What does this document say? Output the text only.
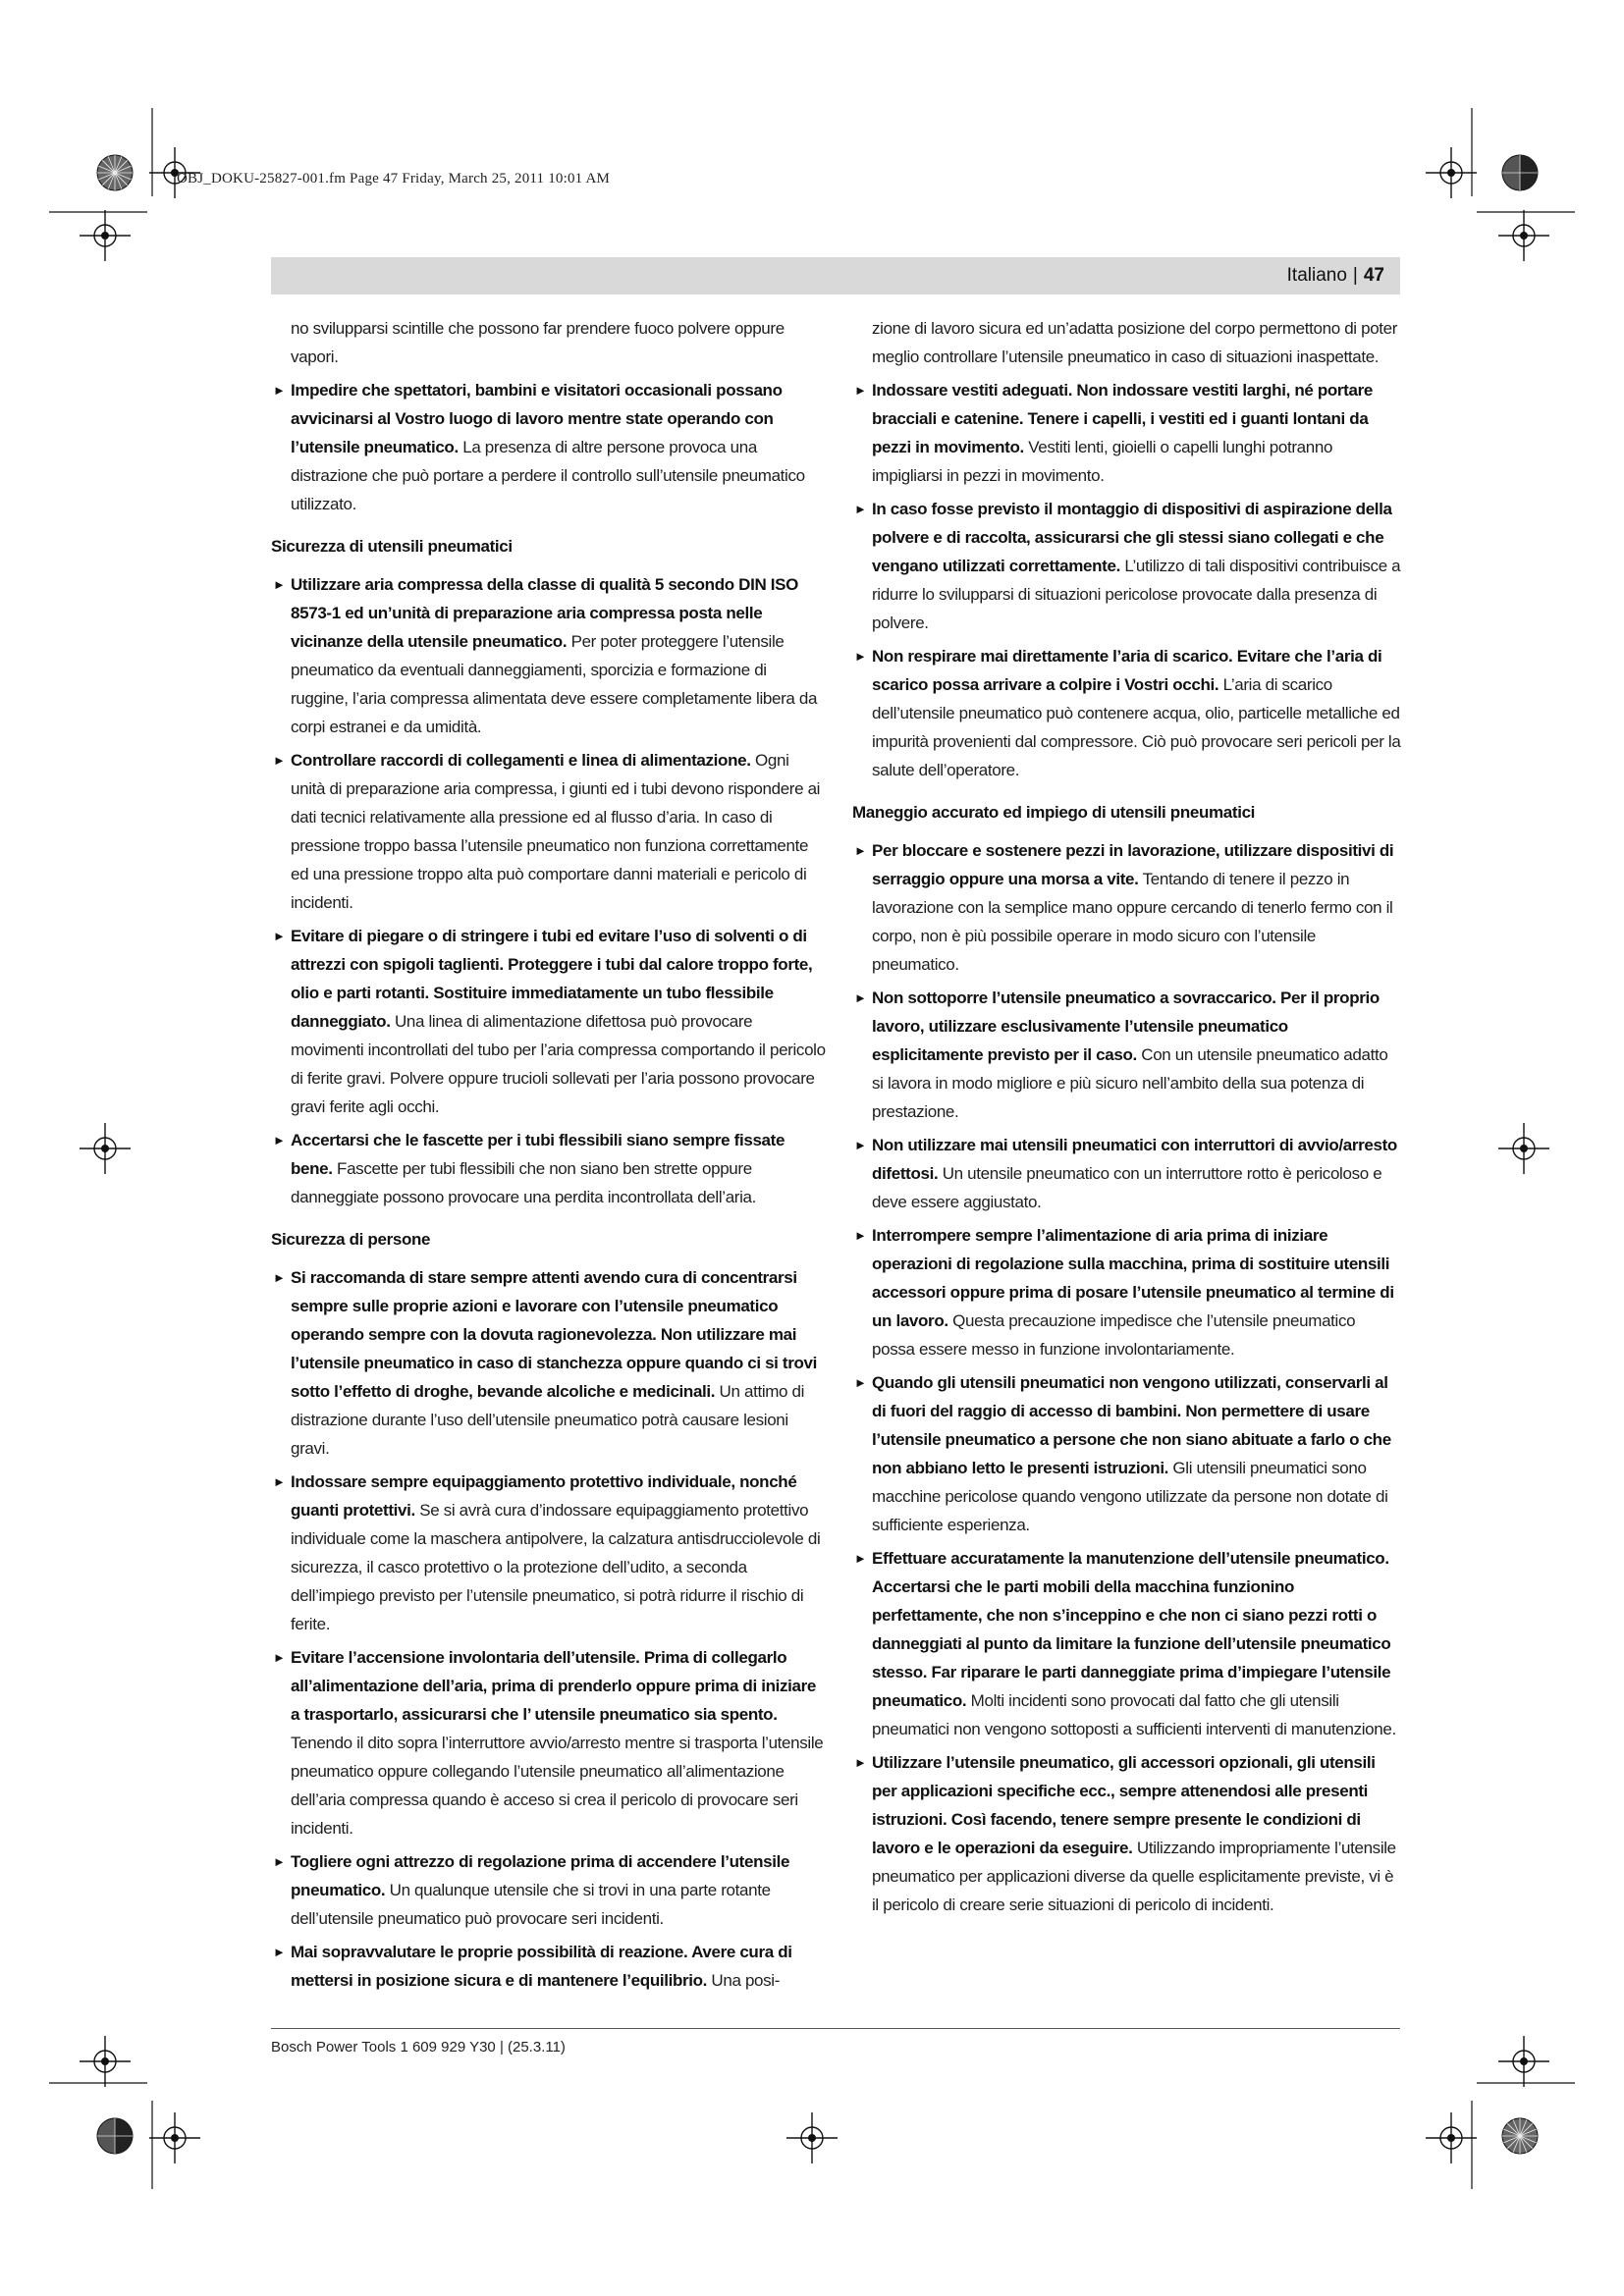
OBJ_DOKU-25827-001.fm Page 47 Friday, March 25, 2011 10:01 AM
Italiano | 47

no svilupparsi scintille che possono far prendere fuoco polvere oppure vapori.

► Impedire che spettatori, bambini e visitatori occasionali possano avvicinarsi al Vostro luogo di lavoro mentre state operando con l’utensile pneumatico. La presenza di altre persone provoca una distrazione che può portare a perdere il controllo sull’utensile pneumatico utilizzato.

Sicurezza di utensili pneumatici

► Utilizzare aria compressa della classe di qualità 5 secondo DIN ISO 8573-1 ed un’unità di preparazione aria compressa posta nelle vicinanze della utensile pneumatico. Per poter proteggere l’utensile pneumatico da eventuali danneggiamenti, sporcizia e formazione di ruggine, l’aria compressa alimentata deve essere completamente libera da corpi estranei e da umidità.

► Controllare raccordi di collegamenti e linea di alimentazione. Ogni unità di preparazione aria compressa, i giunti ed i tubi devono rispondere ai dati tecnici relativamente alla pressione ed al flusso d’aria. In caso di pressione troppo bassa l’utensile pneumatico non funziona correttamente ed una pressione troppo alta può comportare danni materiali e pericolo di incidenti.

► Evitare di piegare o di stringere i tubi ed evitare l’uso di solventi o di attrezzi con spigoli taglienti. Proteggere i tubi dal calore troppo forte, olio e parti rotanti. Sostituire immediatamente un tubo flessibile danneggiato. Una linea di alimentazione difettosa può provocare movimenti incontrollati del tubo per l’aria compressa comportando il pericolo di ferite gravi. Polvere oppure trucioli sollevati per l’aria possono provocare gravi ferite agli occhi.

► Accertarsi che le fascette per i tubi flessibili siano sempre fissate bene. Fascette per tubi flessibili che non siano ben strette oppure danneggiate possono provocare una perdita incontrollata dell’aria.

Sicurezza di persone

► Si raccomanda di stare sempre attenti avendo cura di concentrarsi sempre sulle proprie azioni e lavorare con l’utensile pneumatico operando sempre con la dovuta ragionevolezza. Non utilizzare mai l’utensile pneumatico in caso di stanchezza oppure quando ci si trovi sotto l’effetto di droghe, bevande alcoliche e medicinali. Un attimo di distrazione durante l’uso dell’utensile pneumatico potrà causare lesioni gravi.

► Indossare sempre equipaggiamento protettivo individuale, nonché guanti protettivi. Se si avrà cura d’indossare equipaggiamento protettivo individuale come la maschera antipolvere, la calzatura antisdrucciolevole di sicurezza, il casco protettivo o la protezione dell’udito, a seconda dell’impiego previsto per l’utensile pneumatico, si potrà ridurre il rischio di ferite.

► Evitare l’accensione involontaria dell’utensile. Prima di collegarlo all’alimentazione dell’aria, prima di prenderlo oppure prima di iniziare a trasportarlo, assicurarsi che l’ utensile pneumatico sia spento. Tenendo il dito sopra l’interruttore avvio/arresto mentre si trasporta l’utensile pneumatico oppure collegando l’utensile pneumatico all’alimentazione dell’aria compressa quando è acceso si crea il pericolo di provocare seri incidenti.

► Togliere ogni attrezzo di regolazione prima di accendere l’utensile pneumatico. Un qualunque utensile che si trovi in una parte rotante dell’utensile pneumatico può provocare seri incidenti.

► Mai sopravvalutare le proprie possibilità di reazione. Avere cura di mettersi in posizione sicura e di mantenere l’equilibrio. Una posi-

zione di lavoro sicura ed un’adatta posizione del corpo permettono di poter meglio controllare l’utensile pneumatico in caso di situazioni inaspettate.

► Indossare vestiti adeguati. Non indossare vestiti larghi, né portare bracciali e catenine. Tenere i capelli, i vestiti ed i guanti lontani da pezzi in movimento. Vestiti lenti, gioielli o capelli lunghi potranno impigliarsi in pezzi in movimento.

► In caso fosse previsto il montaggio di dispositivi di aspirazione della polvere e di raccolta, assicurarsi che gli stessi siano collegati e che vengano utilizzati correttamente. L’utilizzo di tali dispositivi contribuisce a ridurre lo svilupparsi di situazioni pericolose provocate dalla presenza di polvere.

► Non respirare mai direttamente l’aria di scarico. Evitare che l’aria di scarico possa arrivare a colpire i Vostri occhi. L’aria di scarico dell’utensile pneumatico può contenere acqua, olio, particelle metalliche ed impurità provenienti dal compressore. Ciò può provocare seri pericoli per la salute dell’operatore.

Maneggio accurato ed impiego di utensili pneumatici

► Per bloccare e sostenere pezzi in lavorazione, utilizzare dispositivi di serraggio oppure una morsa a vite. Tentando di tenere il pezzo in lavorazione con la semplice mano oppure cercando di tenerlo fermo con il corpo, non è più possibile operare in modo sicuro con l’utensile pneumatico.

► Non sottoporre l’utensile pneumatico a sovraccarico. Per il proprio lavoro, utilizzare esclusivamente l’utensile pneumatico esplicitamente previsto per il caso. Con un utensile pneumatico adatto si lavora in modo migliore e più sicuro nell’ambito della sua potenza di prestazione.

► Non utilizzare mai utensili pneumatici con interruttori di avvio/arresto difettosi. Un utensile pneumatico con un interruttore rotto è pericoloso e deve essere aggiustato.

► Interrompere sempre l’alimentazione di aria prima di iniziare operazioni di regolazione sulla macchina, prima di sostituire utensili accessori oppure prima di posare l’utensile pneumatico al termine di un lavoro. Questa precauzione impedisce che l’utensile pneumatico possa essere messo in funzione involontariamente.

► Quando gli utensili pneumatici non vengono utilizzati, conservarli al di fuori del raggio di accesso di bambini. Non permettere di usare l’utensile pneumatico a persone che non siano abituate a farlo o che non abbiano letto le presenti istruzioni. Gli utensili pneumatici sono macchine pericolose quando vengono utilizzate da persone non dotate di sufficiente esperienza.

► Effettuare accuratamente la manutenzione dell’utensile pneumatico. Accertarsi che le parti mobili della macchina funzionino perfettamente, che non s’inceppino e che non ci siano pezzi rotti o danneggiati al punto da limitare la funzione dell’utensile pneumatico stesso. Far riparare le parti danneggiate prima d’impiegare l’utensile pneumatico. Molti incidenti sono provocati dal fatto che gli utensili pneumatici non vengono sottoposti a sufficienti interventi di manutenzione.

► Utilizzare l’utensile pneumatico, gli accessori opzionali, gli utensili per applicazioni specifiche ecc., sempre attenendosi alle presenti istruzioni. Così facendo, tenere sempre presente le condizioni di lavoro e le operazioni da eseguire. Utilizzando impropriamente l’utensile pneumatico per applicazioni diverse da quelle esplicitamente previste, vi è il pericolo di creare serie situazioni di pericolo di incidenti.

Bosch Power Tools 1 609 929 Y30 | (25.3.11)
